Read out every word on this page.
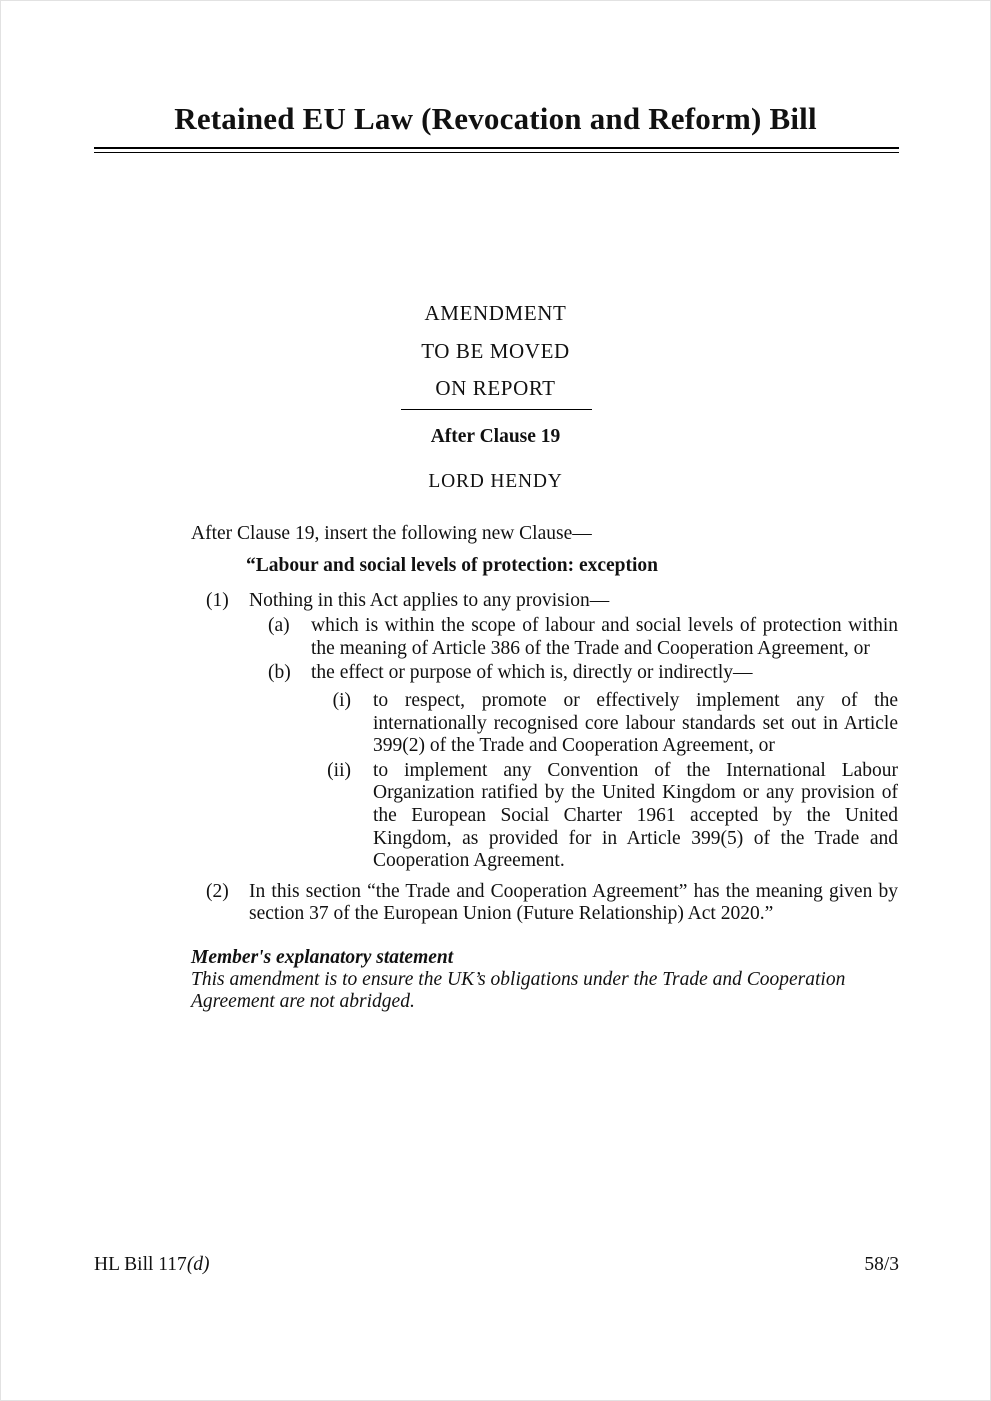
Retained EU Law (Revocation and Reform) Bill
AMENDMENT
TO BE MOVED
ON REPORT
After Clause 19
LORD HENDY

After Clause 19, insert the following new Clause—

“Labour and social levels of protection: exception

(1)	Nothing in this Act applies to any provision—
(a)	which is within the scope of labour and social levels of protection within the meaning of Article 386 of the Trade and Cooperation Agreement, or
(b)	the effect or purpose of which is, directly or indirectly—
(i) to respect, promote or effectively implement any of the internationally recognised core labour standards set out in Article 399(2) of the Trade and Cooperation Agreement, or
(ii) to implement any Convention of the International Labour Organization ratified by the United Kingdom or any provision of the European Social Charter 1961 accepted by the United Kingdom, as provided for in Article 399(5) of the Trade and Cooperation Agreement.
(2)	In this section “the Trade and Cooperation Agreement” has the meaning given by section 37 of the European Union (Future Relationship) Act 2020.”

Member's explanatory statement

This amendment is to ensure the UK’s obligations under the Trade and Cooperation Agreement are not abridged.

HL Bill 117(d)	58/3
